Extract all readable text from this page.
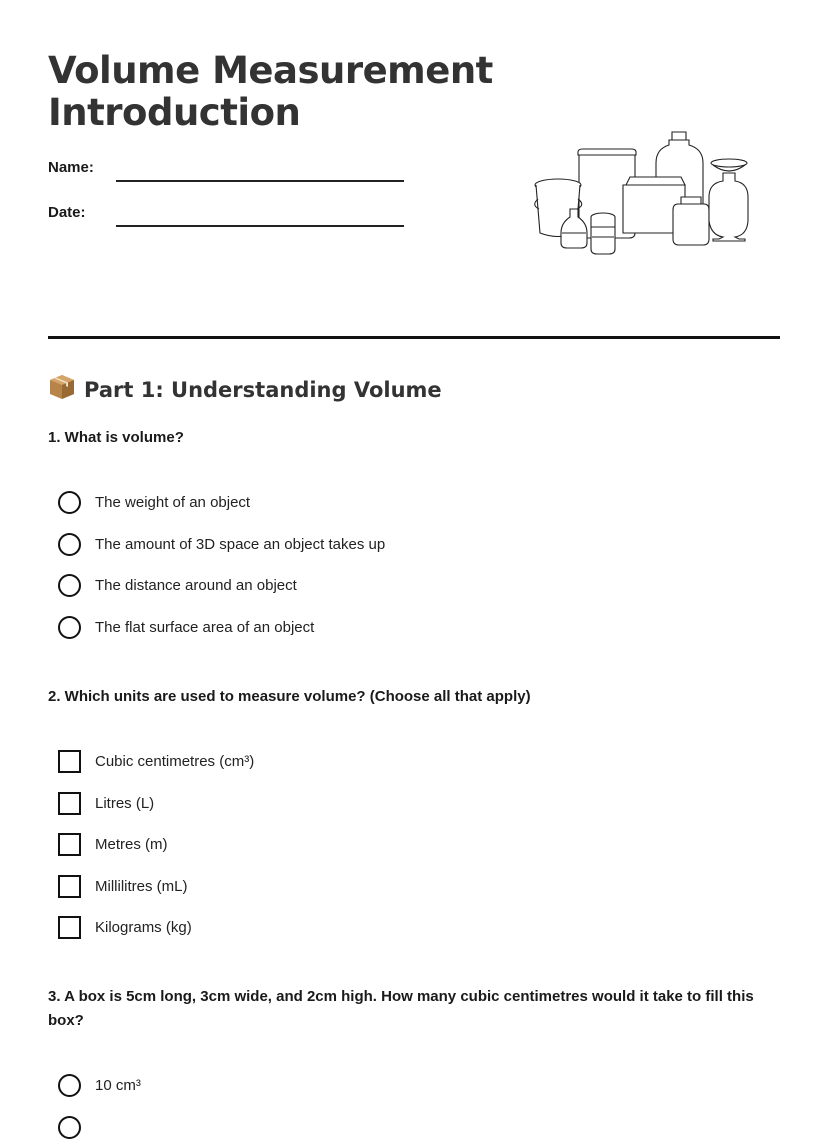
Volume Measurement Introduction
Name:
Date:
Part 1: Understanding Volume
1. What is volume?
The weight of an object
The amount of 3D space an object takes up
The distance around an object
The flat surface area of an object
2. Which units are used to measure volume? (Choose all that apply)
Cubic centimetres (cm³)
Litres (L)
Metres (m)
Millilitres (mL)
Kilograms (kg)
3. A box is 5cm long, 3cm wide, and 2cm high. How many cubic centimetres would it take to fill this box?
10 cm³
